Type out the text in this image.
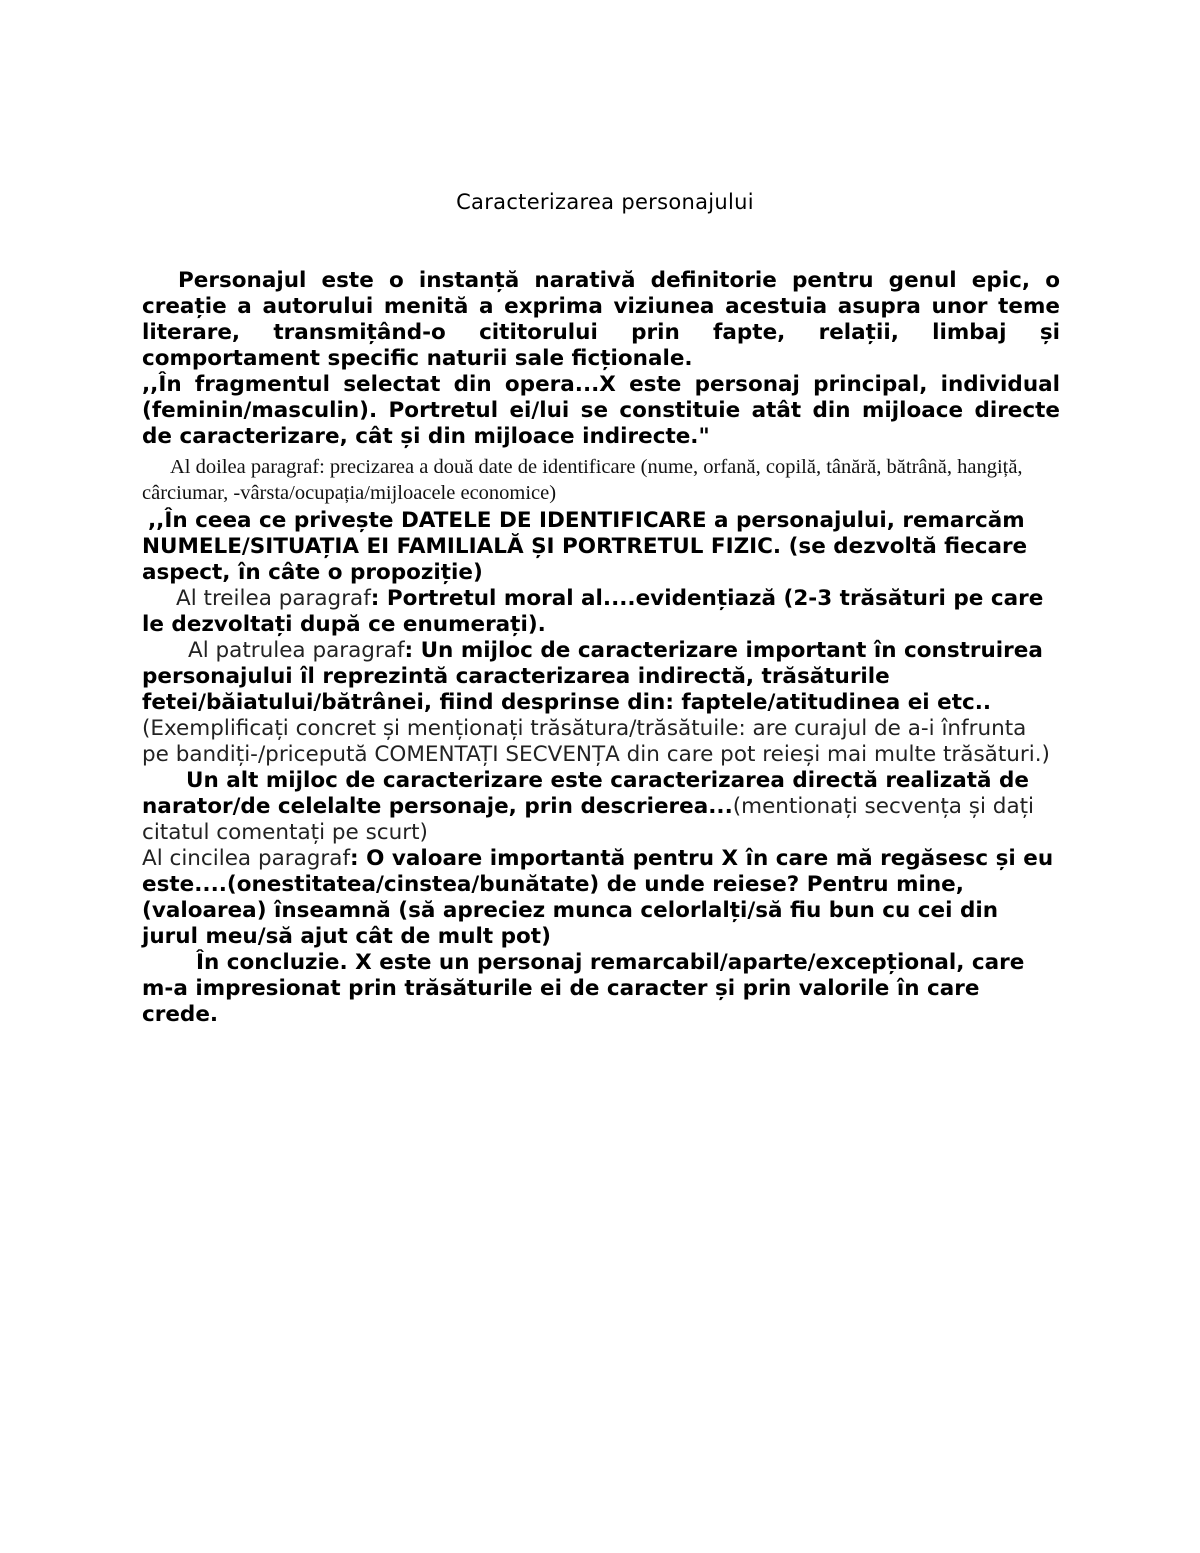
Caracterizarea personajului

Personajul este o instanță narativă definitorie pentru genul epic, o creație a autorului menită a exprima viziunea acestuia asupra unor teme literare, transmițând-o cititorului prin fapte, relații, limbaj și comportament specific naturii sale ficționale.

,,În fragmentul selectat din opera...X este personaj principal, individual (feminin/masculin). Portretul ei/lui se constituie atât din mijloace directe de caracterizare, cât și din mijloace indirecte."

Al doilea paragraf: precizarea a două date de identificare (nume, orfană, copilă, tânără, bătrână, hangiță, cârciumar, -vârsta/ocupația/mijloacele economice)

,,În ceea ce privește DATELE DE IDENTIFICARE a personajului, remarcăm NUMELE/SITUAȚIA EI FAMILIALĂ ȘI PORTRETUL FIZIC. (se dezvoltă fiecare aspect, în câte o propoziție)

Al treilea paragraf: Portretul moral al....evidențiază (2-3 trăsături pe care le dezvoltați după ce enumerați).

Al patrulea paragraf: Un mijloc de caracterizare important în construirea personajului îl reprezintă caracterizarea indirectă, trăsăturile fetei/băiatului/bătrânei, fiind desprinse din: faptele/atitudinea ei etc.. (Exemplificați concret și menționați trăsătura/trăsătuile: are curajul de a-i înfrunta pe bandiți-/pricepută COMENTAȚI SECVENȚA din care pot reieși mai multe trăsături.)

Un alt mijloc de caracterizare este caracterizarea directă realizată de narator/de celelalte personaje, prin descrierea...(mentionați secvența și dați citatul comentați pe scurt)

Al cincilea paragraf: O valoare importantă pentru X în care mă regăsesc și eu este....(onestitatea/cinstea/bunătate) de unde reiese? Pentru mine, (valoarea) înseamnă (să apreciez munca celorlalți/să fiu bun cu cei din jurul meu/să ajut cât de mult pot)

În concluzie. X este un personaj remarcabil/aparte/excepțional, care m-a impresionat prin trăsăturile ei de caracter și prin valorile în care crede.
